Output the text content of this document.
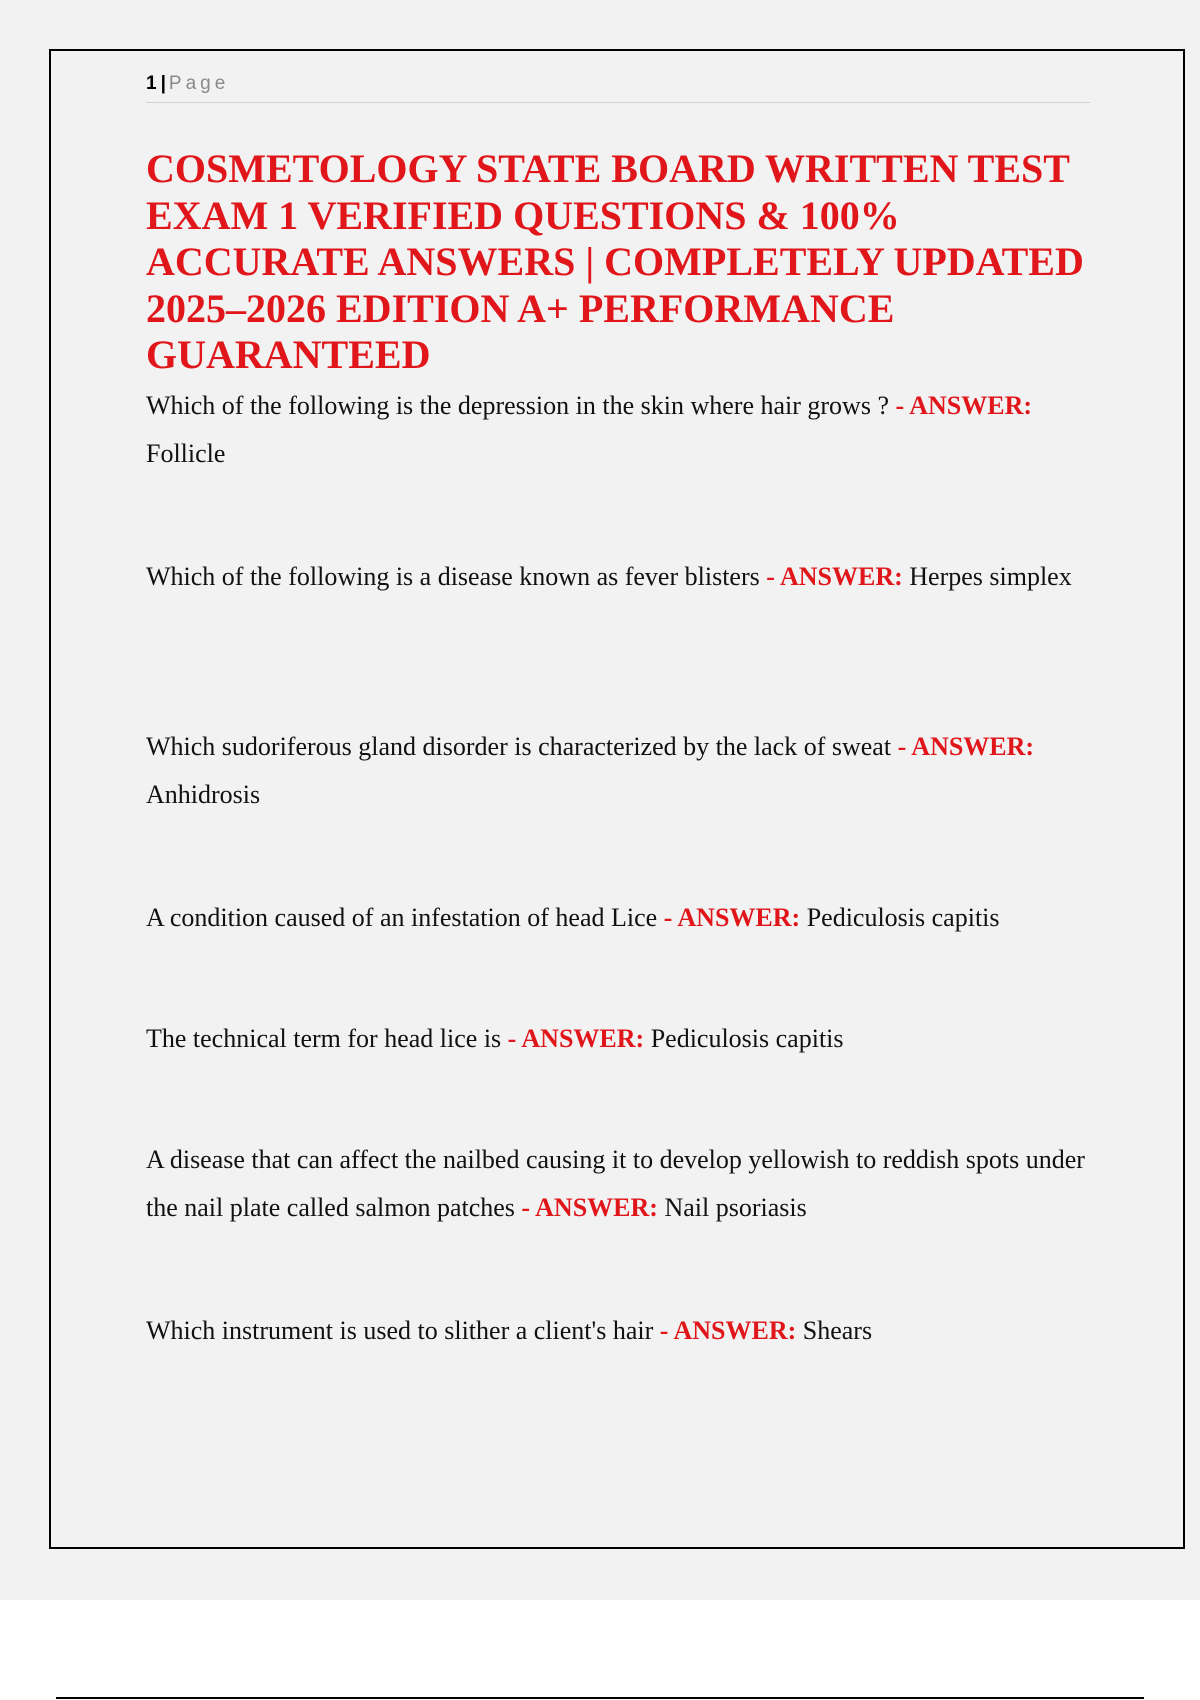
1 | Page
COSMETOLOGY STATE BOARD WRITTEN TEST EXAM 1 VERIFIED QUESTIONS & 100% ACCURATE ANSWERS | COMPLETELY UPDATED 2025–2026 EDITION A+ PERFORMANCE GUARANTEED

Which of the following is the depression in the skin where hair grows ? - ANSWER: Follicle

Which of the following is a disease known as fever blisters - ANSWER: Herpes simplex

Which sudoriferous gland disorder is characterized by the lack of sweat - ANSWER: Anhidrosis

A condition caused of an infestation of head Lice - ANSWER: Pediculosis capitis

The technical term for head lice is - ANSWER: Pediculosis capitis

A disease that can affect the nailbed causing it to develop yellowish to reddish spots under the nail plate called salmon patches - ANSWER: Nail psoriasis

Which instrument is used to slither a client's hair - ANSWER: Shears
